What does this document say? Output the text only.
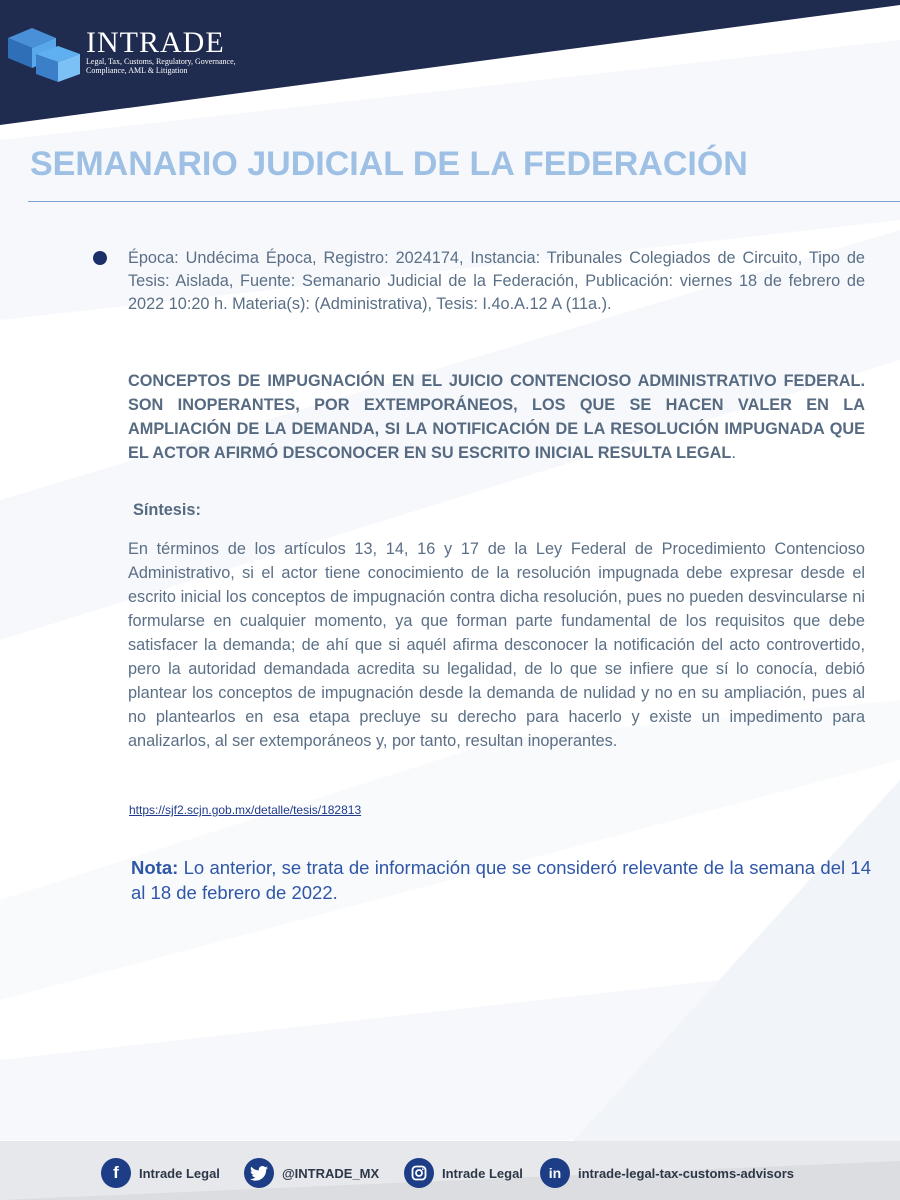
INTRADE
Legal, Tax, Customs, Regulatory, Governance, Compliance, AML & Litigation
SEMANARIO JUDICIAL DE LA FEDERACIÓN
Época: Undécima Época, Registro: 2024174, Instancia: Tribunales Colegiados de Circuito, Tipo de Tesis: Aislada, Fuente: Semanario Judicial de la Federación, Publicación: viernes 18 de febrero de 2022 10:20 h. Materia(s): (Administrativa), Tesis: I.4o.A.12 A (11a.).
CONCEPTOS DE IMPUGNACIÓN EN EL JUICIO CONTENCIOSO ADMINISTRATIVO FEDERAL. SON INOPERANTES, POR EXTEMPORÁNEOS, LOS QUE SE HACEN VALER EN LA AMPLIACIÓN DE LA DEMANDA, SI LA NOTIFICACIÓN DE LA RESOLUCIÓN IMPUGNADA QUE EL ACTOR AFIRMÓ DESCONOCER EN SU ESCRITO INICIAL RESULTA LEGAL.
Síntesis:
En términos de los artículos 13, 14, 16 y 17 de la Ley Federal de Procedimiento Contencioso Administrativo, si el actor tiene conocimiento de la resolución impugnada debe expresar desde el escrito inicial los conceptos de impugnación contra dicha resolución, pues no pueden desvincularse ni formularse en cualquier momento, ya que forman parte fundamental de los requisitos que debe satisfacer la demanda; de ahí que si aquél afirma desconocer la notificación del acto controvertido, pero la autoridad demandada acredita su legalidad, de lo que se infiere que sí lo conocía, debió plantear los conceptos de impugnación desde la demanda de nulidad y no en su ampliación, pues al no plantearlos en esa etapa precluye su derecho para hacerlo y existe un impedimento para analizarlos, al ser extemporáneos y, por tanto, resultan inoperantes.
https://sjf2.scjn.gob.mx/detalle/tesis/182813
Nota: Lo anterior, se trata de información que se consideró relevante de la semana del 14 al 18 de febrero de 2022.
f	Intrade Legal	@INTRADE_MX	Intrade Legal	in	intrade-legal-tax-customs-advisors
